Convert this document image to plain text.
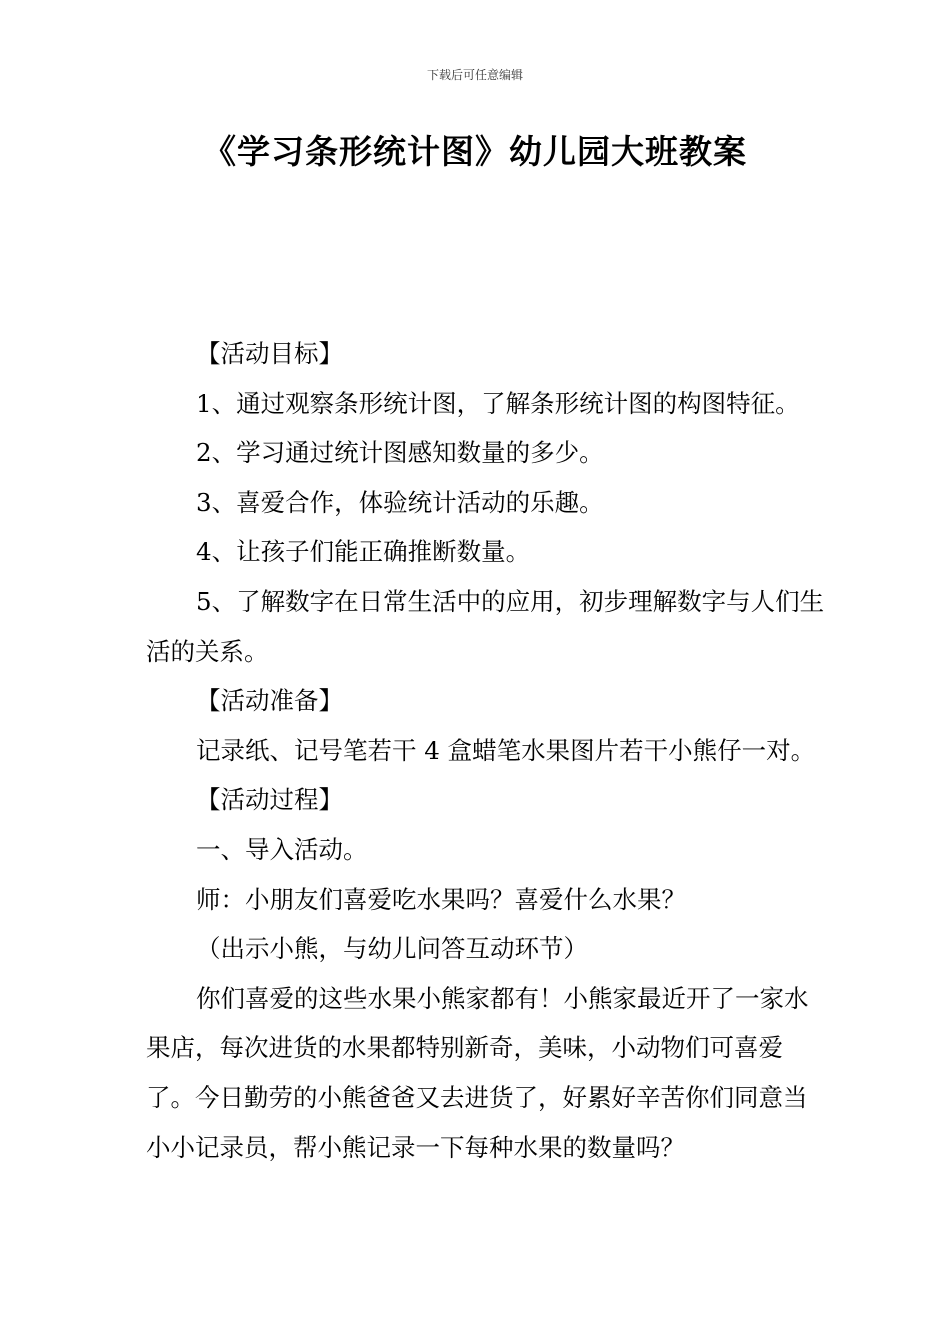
下载后可任意编辑
《学习条形统计图》幼儿园大班教案

【活动目标】

1、通过观察条形统计图，了解条形统计图的构图特征。

2、学习通过统计图感知数量的多少。

3、喜爱合作，体验统计活动的乐趣。

4、让孩子们能正确推断数量。

5、了解数字在日常生活中的应用，初步理解数字与人们生活的关系。

【活动准备】

记录纸、记号笔若干 4 盒蜡笔水果图片若干小熊仔一对。

【活动过程】

一、导入活动。

师：小朋友们喜爱吃水果吗？喜爱什么水果？

（出示小熊，与幼儿问答互动环节）

你们喜爱的这些水果小熊家都有！小熊家最近开了一家水果店，每次进货的水果都特别新奇，美味，小动物们可喜爱了。今日勤劳的小熊爸爸又去进货了，好累好辛苦你们同意当小小记录员，帮小熊记录一下每种水果的数量吗？
